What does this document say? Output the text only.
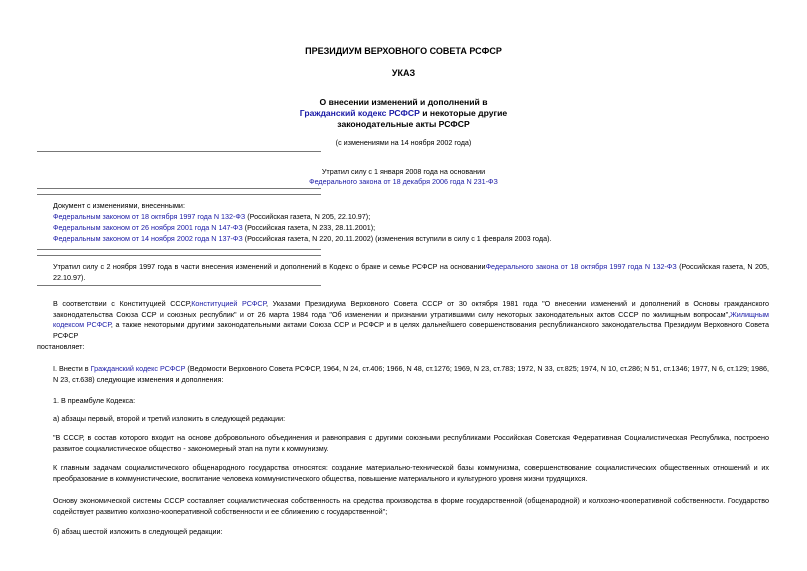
ПРЕЗИДИУМ ВЕРХОВНОГО СОВЕТА РСФСР
УКАЗ
О внесении изменений и дополнений в
Гражданский кодекс РСФСР и некоторые другие
законодательные акты РСФСР
(с изменениями на 14 ноября 2002 года)
Утратил силу с 1 января 2008 года на основании
Федерального закона от 18 декабря 2006 года N 231-ФЗ
Документ с изменениями, внесенными:
Федеральным законом от 18 октября 1997 года N 132-ФЗ (Российская газета, N 205, 22.10.97);
Федеральным законом от 26 ноября 2001 года N 147-ФЗ (Российская газета, N 233, 28.11.2001);
Федеральным законом от 14 ноября 2002 года N 137-ФЗ (Российская газета, N 220, 20.11.2002) (изменения вступили в силу с 1 февраля 2003 года).
Утратил силу с 2 ноября 1997 года в части внесения изменений и дополнений в Кодекс о браке и семье РСФСР на основанииФедерального закона от 18 октября 1997 года N 132-ФЗ (Российская газета, N 205, 22.10.97).
В соответствии с Конституцией СССР,Конституцией РСФСР, Указами Президиума Верховного Совета СССР от 30 октября 1981 года "О внесении изменений и дополнений в Основы гражданского законодательства Союза ССР и союзных республик" и от 26 марта 1984 года "Об изменении и признании утратившими силу некоторых законодательных актов СССР по жилищным вопросам",Жилищным кодексом РСФСР, а также некоторыми другими законодательными актами Союза ССР и РСФСР и в целях дальнейшего совершенствования республиканского законодательства Президиум Верховного Совета РСФСР
постановляет:
I. Внести в Гражданский кодекс РСФСР (Ведомости Верховного Совета РСФСР, 1964, N 24, ст.406; 1966, N 48, ст.1276; 1969, N 23, ст.783; 1972, N 33, ст.825; 1974, N 10, ст.286; N 51, ст.1346; 1977, N 6, ст.129; 1986, N 23, ст.638) следующие изменения и дополнения:
1. В преамбуле Кодекса:
а) абзацы первый, второй и третий изложить в следующей редакции:
"В СССР, в состав которого входит на основе добровольного объединения и равноправия с другими союзными республиками Российская Советская Федеративная Социалистическая Республика, построено развитое социалистическое общество - закономерный этап на пути к коммунизму.
К главным задачам социалистического общенародного государства относятся: создание материально-технической базы коммунизма, совершенствование социалистических общественных отношений и их преобразование в коммунистические, воспитание человека коммунистического общества, повышение материального и культурного уровня жизни трудящихся.
Основу экономической системы СССР составляет социалистическая собственность на средства производства в форме государственной (общенародной) и колхозно-кооперативной собственности. Государство содействует развитию колхозно-кооперативной собственности и ее сближению с государственной";
б) абзац шестой изложить в следующей редакции:
